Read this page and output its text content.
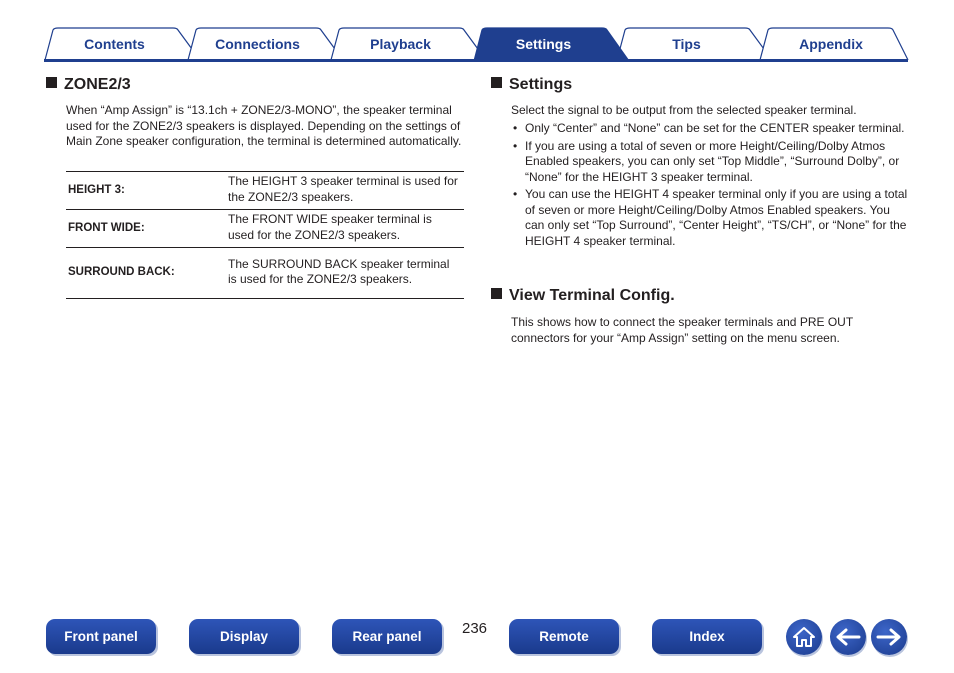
Contents	Connections	Playback	Tips	Appendix
Settings
ZONE2/3

When “Amp Assign” is “13.1ch + ZONE2/3-MONO”, the speaker terminal used for the ZONE2/3 speakers is displayed. Depending on the settings of Main Zone speaker configuration, the terminal is determined automatically.

HEIGHT 3:	The HEIGHT 3 speaker terminal is used for the ZONE2/3 speakers.
FRONT WIDE:	The FRONT WIDE speaker terminal is used for the ZONE2/3 speakers.
SURROUND BACK:	The SURROUND BACK speaker terminal is used for the ZONE2/3 speakers.
Settings

Select the signal to be output from the selected speaker terminal.

• Only “Center” and “None” can be set for the CENTER speaker terminal.
• If you are using a total of seven or more Height/Ceiling/Dolby Atmos Enabled speakers, you can only set “Top Middle”, “Surround Dolby”, or “None” for the HEIGHT 3 speaker terminal.
• You can use the HEIGHT 4 speaker terminal only if you are using a total of seven or more Height/Ceiling/Dolby Atmos Enabled speakers. You can only set “Top Surround”, “Center Height”, “TS/CH”, or “None” for the HEIGHT 4 speaker terminal.
View Terminal Config.

This shows how to connect the speaker terminals and PRE OUT connectors for your “Amp Assign” setting on the menu screen.

Front panel	Display	Rear panel	236	Remote	Index
